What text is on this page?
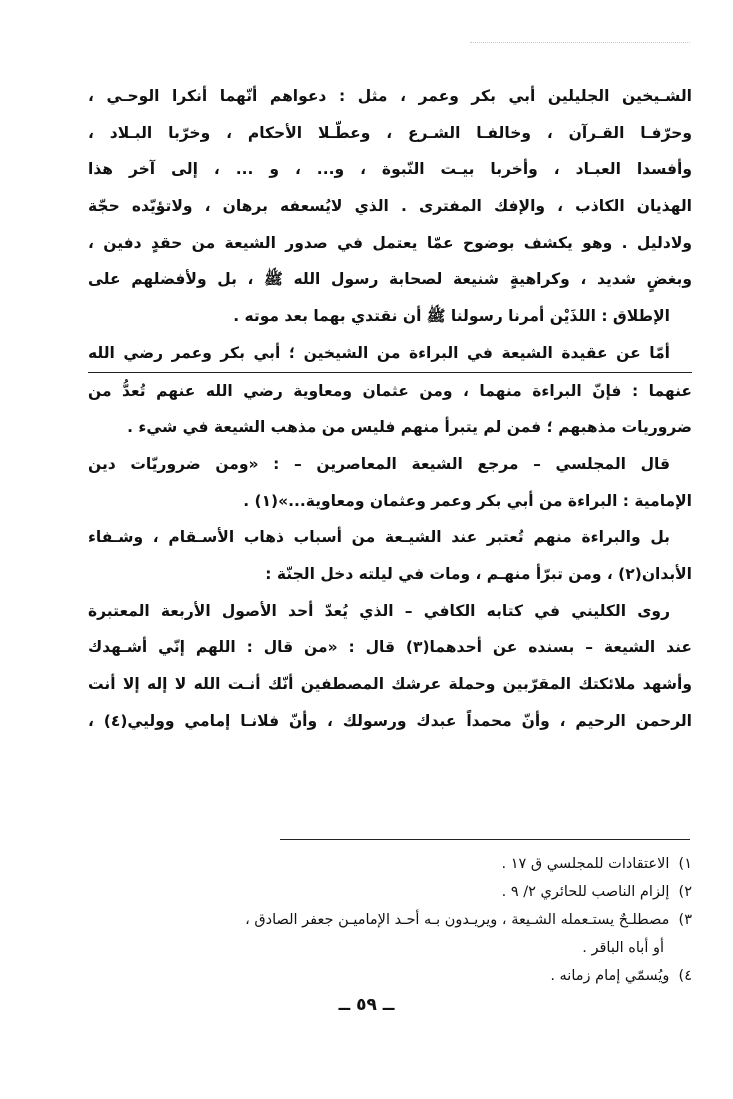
الشـيخين الجليلين أبي بكر وعمر ، مثل : دعواهم أنّهما أنكرا الوحـي ،
وحرّفـا القـرآن ، وخالفـا الشـرع ، وعطّـلا الأحكام ، وخرّبا البـلاد ،
وأفسدا العبـاد ، وأخربا بيـت النّبوة ، و... ، و ... ، إلى آخر هذا
الهذيان الكاذب ، والإفك المفترى . الذي لايُسعفه برهان ، ولاتؤيّده حجّة
ولادليل . وهو يكشف بوضوح عمّا يعتمل في صدور الشيعة من حقدٍ دفين ،
وبغضٍ شديد ، وكراهيةٍ شنيعة لصحابة رسول الله ﷺ ، بل ولأفضلهم على
الإطلاق : اللذَيْن أمرنا رسولنا ﷺ أن نقتدي بهما بعد موته .
أمّا عن عقيدة الشيعة في البراءة من الشيخين ؛ أبي بكر وعمر رضي الله
عنهما : فإنّ البراءة منهما ، ومن عثمان ومعاوية رضي الله عنهم تُعدُّ من
ضروريات مذهبهم ؛ فمن لم يتبرأ منهم فليس من مذهب الشيعة في شيء .
قال المجلسي – مرجع الشيعة المعاصرين – : «ومن ضروريّات دين
الإمامية : البراءة من أبي بكر وعمر وعثمان ومعاوية...»(١) .
بل والبراءة منهم تُعتبر عند الشيـعة من أسباب ذهاب الأسـقام ، وشـفاء
الأبدان(٢) ، ومن تبرّأ منهـم ، ومات في ليلته دخل الجنّة :
روى الكليني في كتابه الكافي – الذي يُعدّ أحد الأصول الأربعة المعتبرة
عند الشيعة – بسنده عن أحدهما(٣) قال : «من قال : اللهم إنّي أشـهدك
وأشهد ملائكتك المقرّبين وحملة عرشك المصطفين أنّك أنـت الله لا إله إلا أنت
الرحمن الرحيم ، وأنّ محمداً عبدك ورسولك ، وأنّ فلانـا إمامي ووليي(٤) ،
١) الاعتقادات للمجلسي ق ١٧ .
٢) إلزام الناصب للحائري ٢/ ٩ .
٣) مصطلـحٌ يستـعمله الشـيعة ، ويريـدون بـه أحـد الإماميـن جعفر الصادق ،
أو أباه الباقر .
٤) ويُسمّي إمام زمانه .
ــ ٥٩ ــ
